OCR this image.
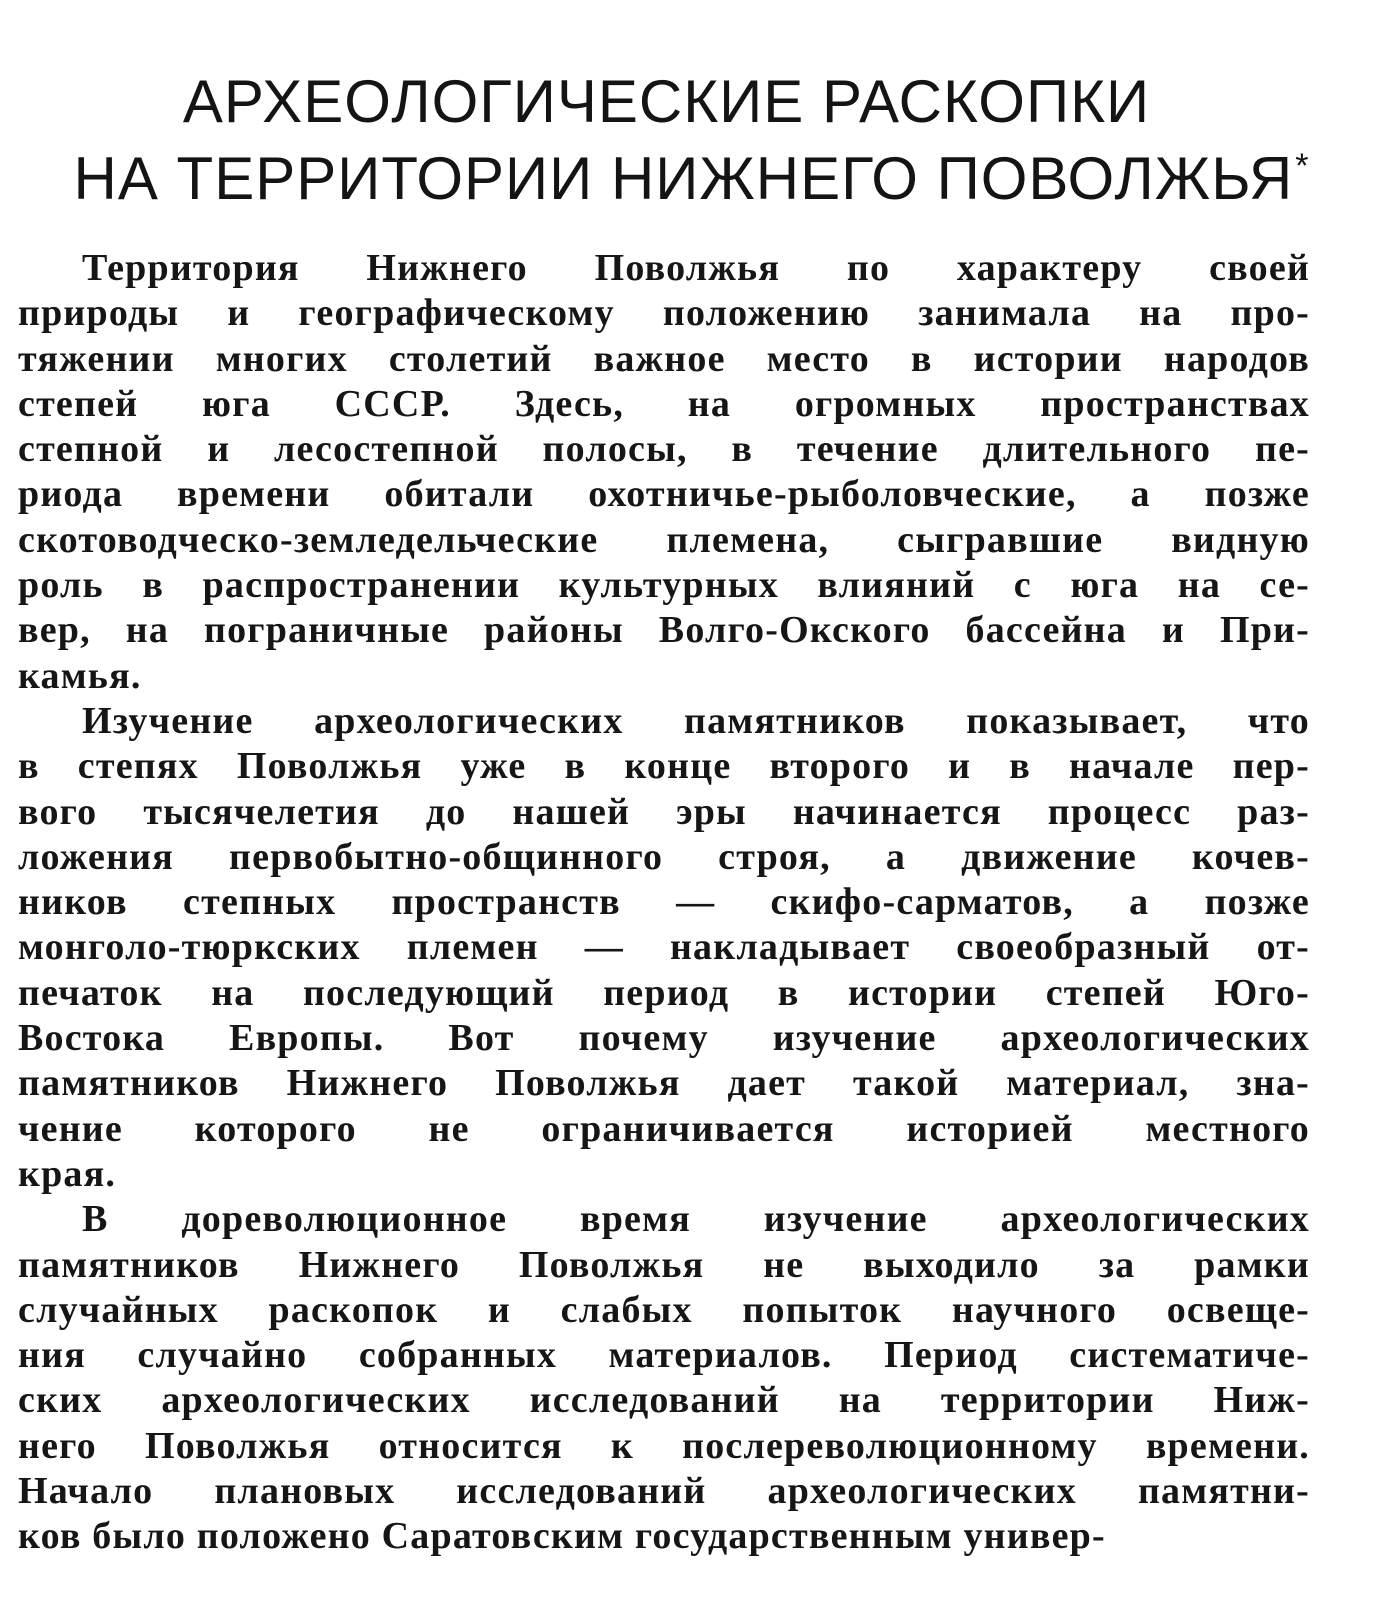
АРХЕОЛОГИЧЕСКИЕ РАСКОПКИ
НА ТЕРРИТОРИИ НИЖНЕГО ПОВОЛЖЬЯ*
Территория Нижнего Поволжья по характеру своей
природы и географическому положению занимала на про-
тяжении многих столетий важное место в истории народов
степей юга СССР. Здесь, на огромных пространствах
степной и лесостепной полосы, в течение длительного пе-
риода времени обитали охотничье-рыболовческие, а позже
скотоводческо-земледельческие племена, сыгравшие видную
роль в распространении культурных влияний с юга на се-
вер, на пограничные районы Волго-Окского бассейна и При-
камья.
Изучение археологических памятников показывает, что
в степях Поволжья уже в конце второго и в начале пер-
вого тысячелетия до нашей эры начинается процесс раз-
ложения первобытно-общинного строя, а движение кочев-
ников степных пространств — скифо-сарматов, а позже
монголо-тюркских племен — накладывает своеобразный от-
печаток на последующий период в истории степей Юго-
Востока Европы. Вот почему изучение археологических
памятников Нижнего Поволжья дает такой материал, зна-
чение которого не ограничивается историей местного
края.
В дореволюционное время изучение археологических
памятников Нижнего Поволжья не выходило за рамки
случайных раскопок и слабых попыток научного освеще-
ния случайно собранных материалов. Период систематиче-
ских археологических исследований на территории Ниж-
него Поволжья относится к послереволюционному времени.
Начало плановых исследований археологических памятни-
ков было положено Саратовским государственным универ-
